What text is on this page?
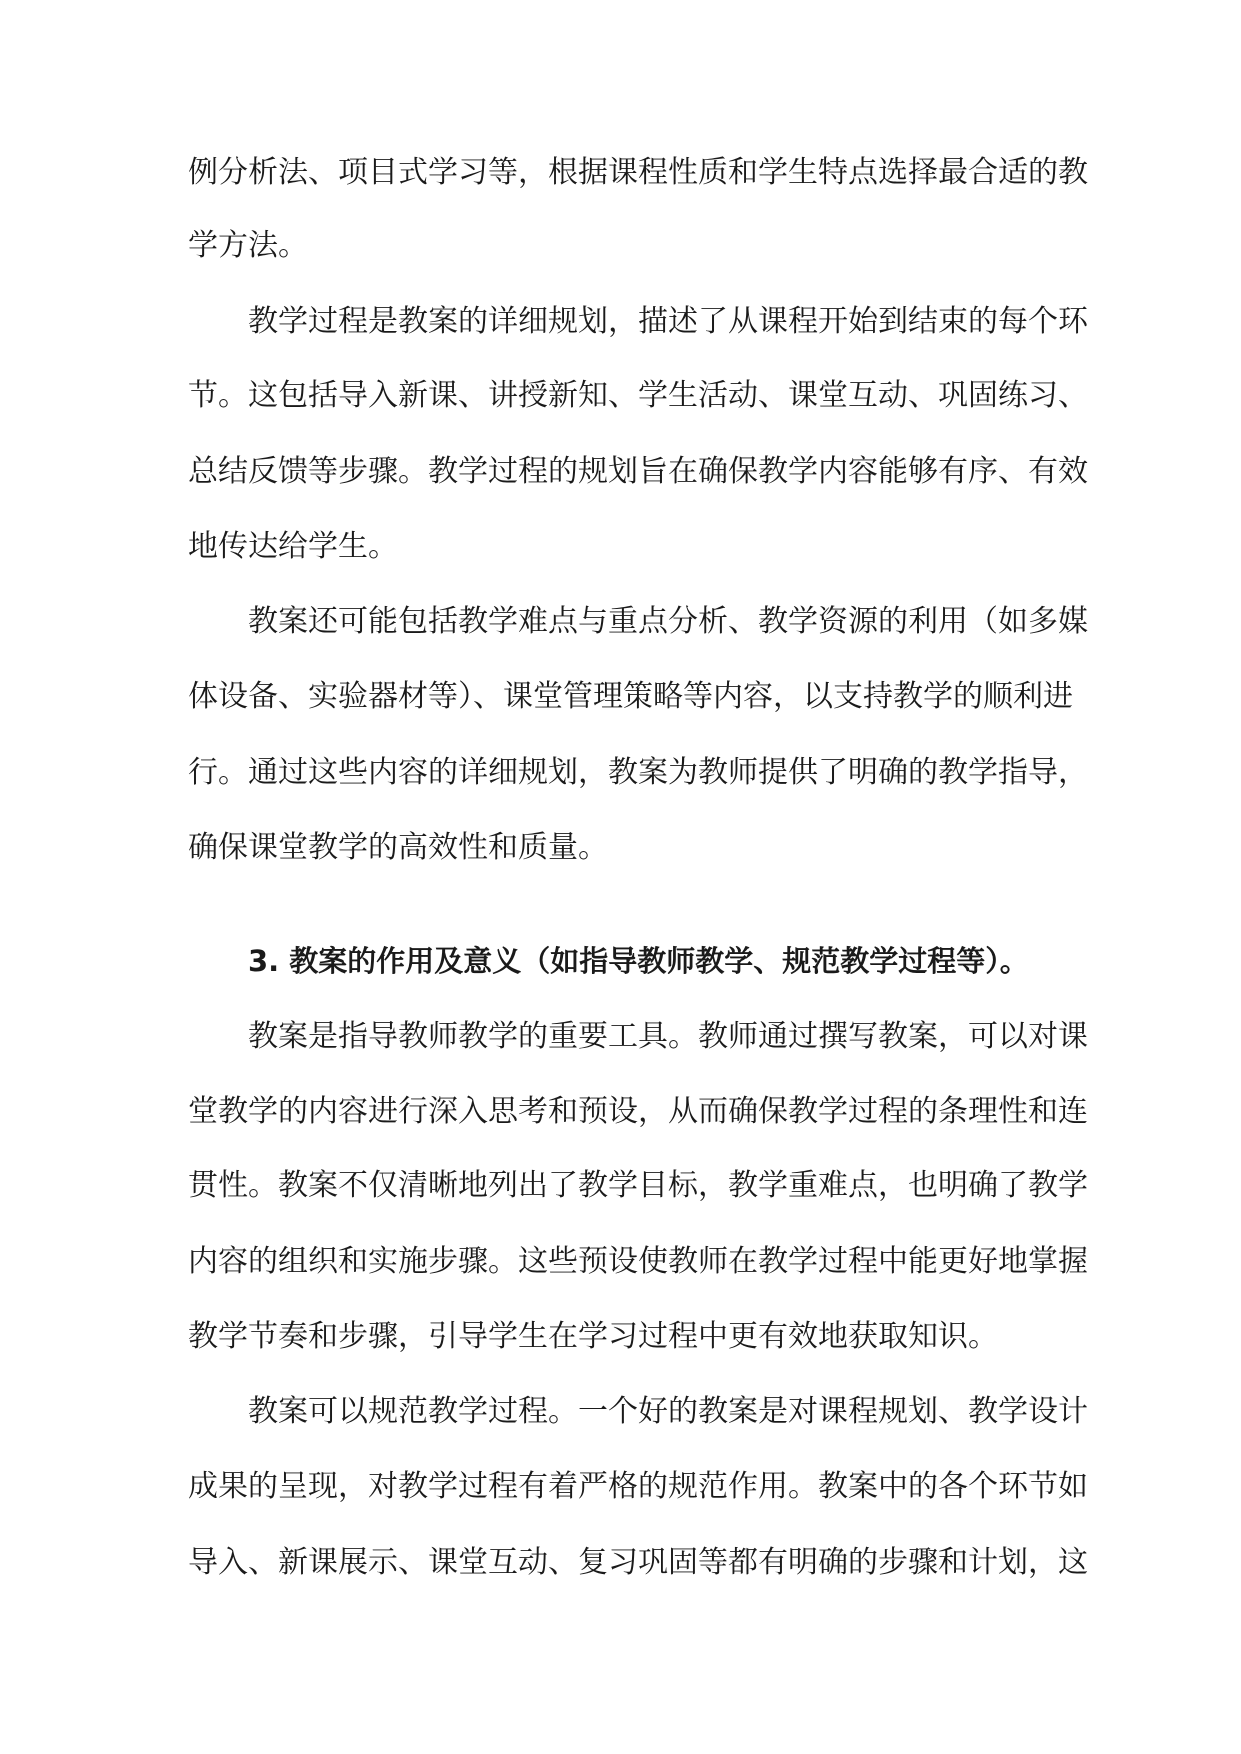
例分析法、项目式学习等，根据课程性质和学生特点选择最合适的教
学方法。
教学过程是教案的详细规划，描述了从课程开始到结束的每个环
节。这包括导入新课、讲授新知、学生活动、课堂互动、巩固练习、
总结反馈等步骤。教学过程的规划旨在确保教学内容能够有序、有效
地传达给学生。
教案还可能包括教学难点与重点分析、教学资源的利用（如多媒
体设备、实验器材等）、课堂管理策略等内容，以支持教学的顺利进
行。通过这些内容的详细规划，教案为教师提供了明确的教学指导，
确保课堂教学的高效性和质量。
3. 教案的作用及意义（如指导教师教学、规范教学过程等）。
教案是指导教师教学的重要工具。教师通过撰写教案，可以对课
堂教学的内容进行深入思考和预设，从而确保教学过程的条理性和连
贯性。教案不仅清晰地列出了教学目标，教学重难点，也明确了教学
内容的组织和实施步骤。这些预设使教师在教学过程中能更好地掌握
教学节奏和步骤，引导学生在学习过程中更有效地获取知识。
教案可以规范教学过程。一个好的教案是对课程规划、教学设计
成果的呈现，对教学过程有着严格的规范作用。教案中的各个环节如
导入、新课展示、课堂互动、复习巩固等都有明确的步骤和计划，这
